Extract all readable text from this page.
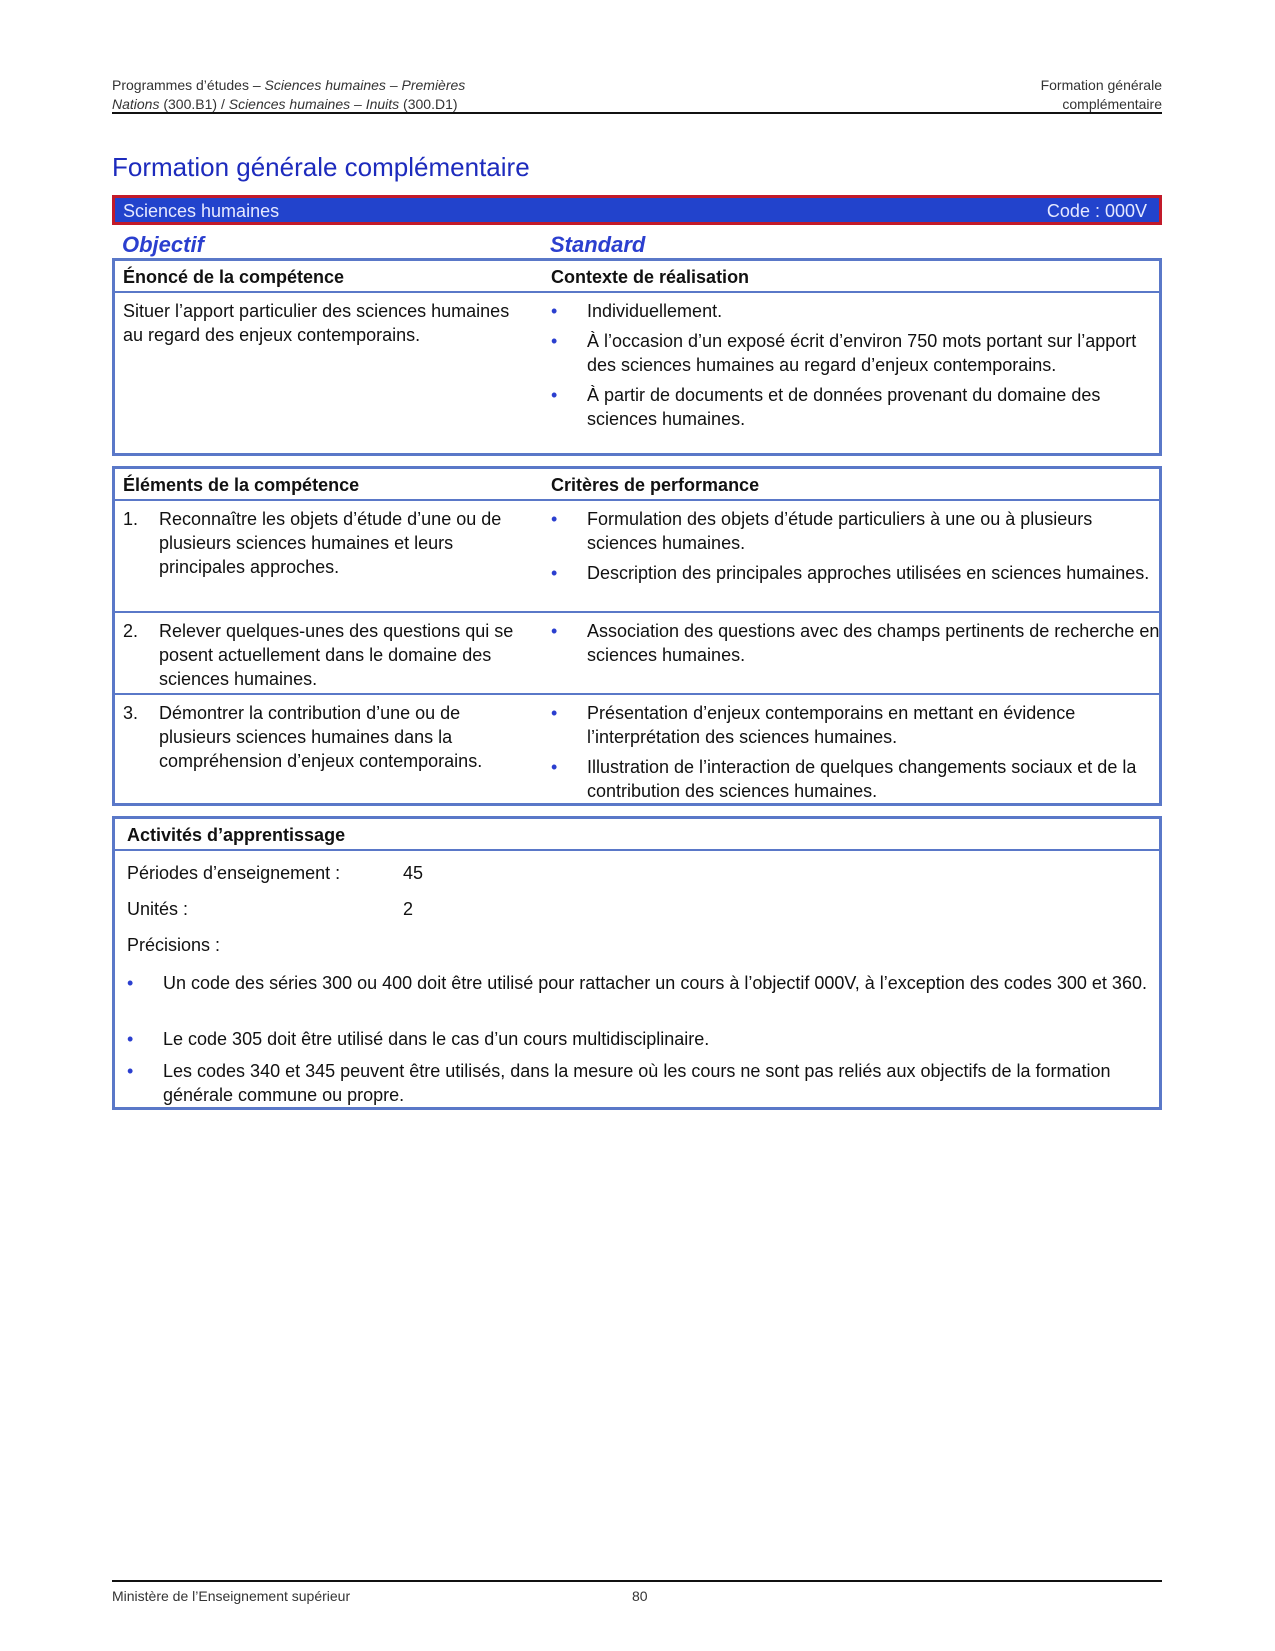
Programmes d’études – Sciences humaines – Premières
Nations (300.B1) / Sciences humaines – Inuits (300.D1)
Formation générale
complémentaire
Formation générale complémentaire
Sciences humaines	Code : 000V
Objectif	Standard
Énoncé de la compétence	Contexte de réalisation
Situer l’apport particulier des sciences humaines au regard des enjeux contemporains.
• Individuellement.
• À l’occasion d’un exposé écrit d’environ 750 mots portant sur l’apport des sciences humaines au regard d’enjeux contemporains.
• À partir de documents et de données provenant du domaine des sciences humaines.
Éléments de la compétence	Critères de performance
1. Reconnaître les objets d’étude d’une ou de plusieurs sciences humaines et leurs principales approches.
• Formulation des objets d’étude particuliers à une ou à plusieurs sciences humaines.
• Description des principales approches utilisées en sciences humaines.
2. Relever quelques-unes des questions qui se posent actuellement dans le domaine des sciences humaines.
• Association des questions avec des champs pertinents de recherche en sciences humaines.
3. Démontrer la contribution d’une ou de plusieurs sciences humaines dans la compréhension d’enjeux contemporains.
• Présentation d’enjeux contemporains en mettant en évidence l’interprétation des sciences humaines.
• Illustration de l’interaction de quelques changements sociaux et de la contribution des sciences humaines.
Activités d’apprentissage
Périodes d’enseignement :	45
Unités :	2
Précisions :
• Un code des séries 300 ou 400 doit être utilisé pour rattacher un cours à l’objectif 000V, à l’exception des codes 300 et 360.
• Le code 305 doit être utilisé dans le cas d’un cours multidisciplinaire.
• Les codes 340 et 345 peuvent être utilisés, dans la mesure où les cours ne sont pas reliés aux objectifs de la formation générale commune ou propre.
Ministère de l’Enseignement supérieur	80
